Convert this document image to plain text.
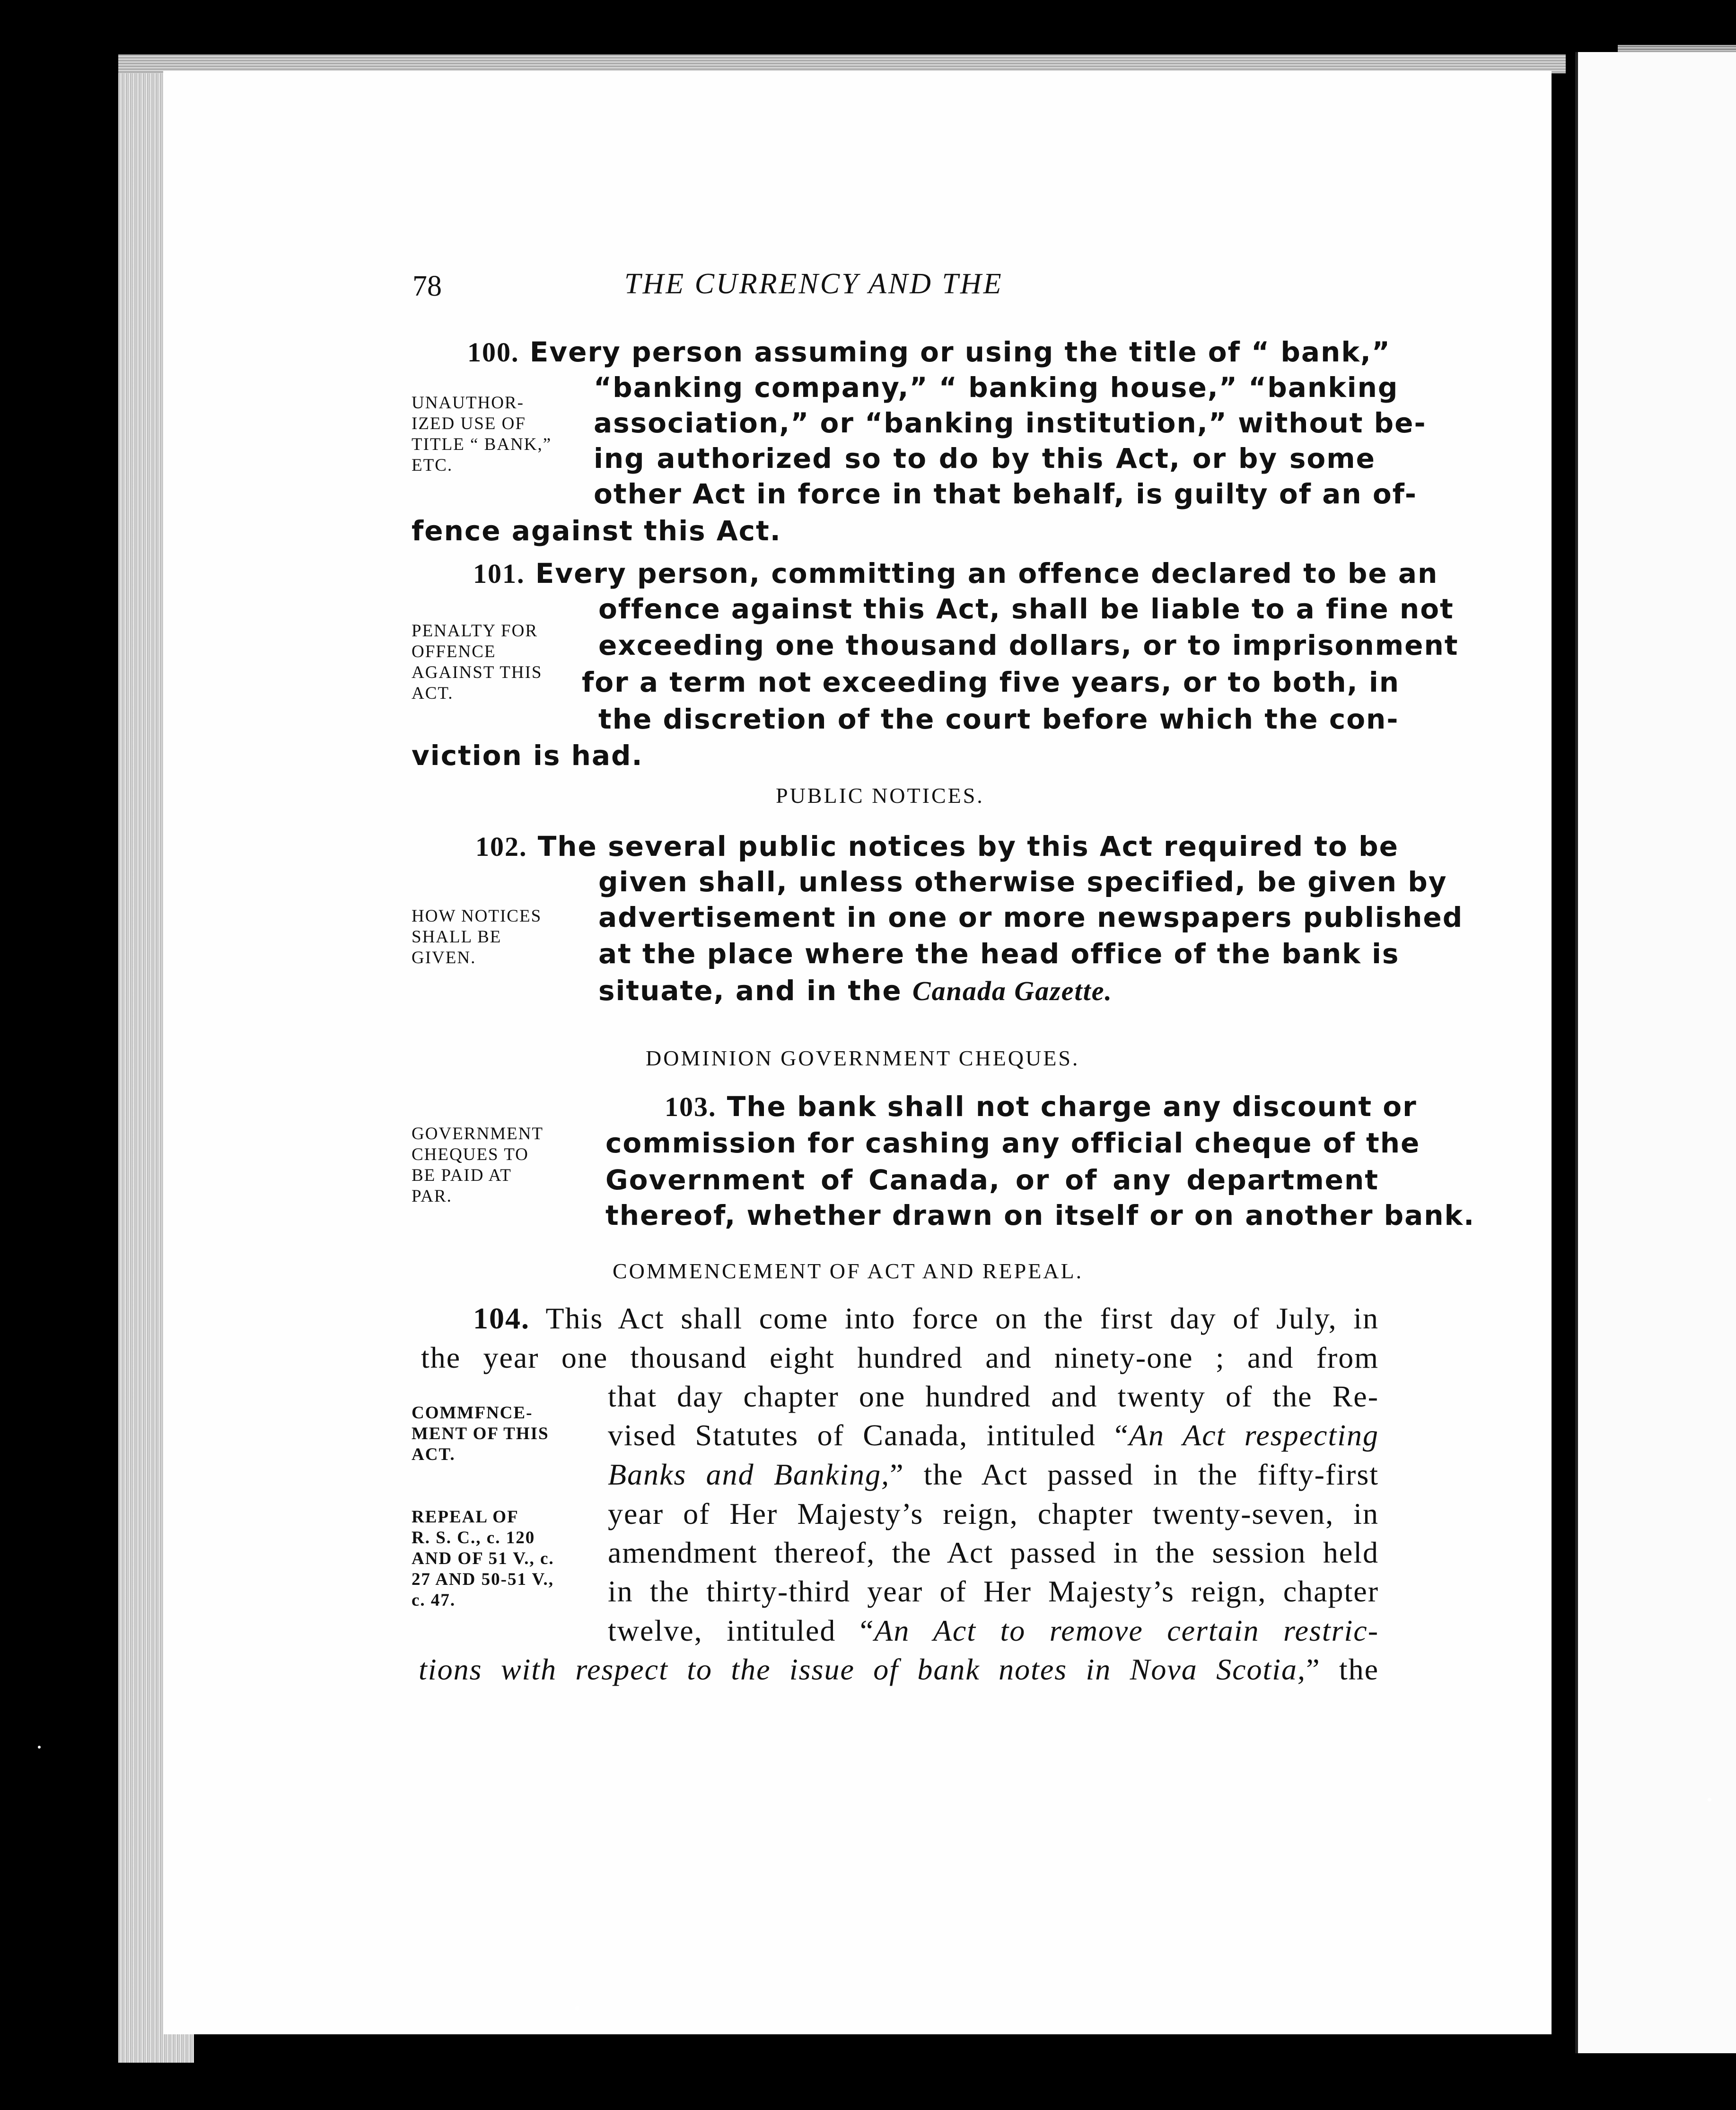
78	THE CURRENCY AND THE
100. Every person assuming or using the title of “ bank,”
“banking company,” “ banking house,” “banking
association,” or “banking institution,” without be-
ing authorized so to do by this Act, or by some
other Act in force in that behalf, is guilty of an of-
fence against this Act.
UNAUTHOR-
IZED USE OF
TITLE “ BANK,”
ETC.
101. Every person, committing an offence declared to be an
offence against this Act, shall be liable to a fine not
exceeding one thousand dollars, or to imprisonment
for a term not exceeding five years, or to both, in
the discretion of the court before which the con-
viction is had.
PENALTY FOR
OFFENCE
AGAINST THIS
ACT.
PUBLIC NOTICES.
102. The several public notices by this Act required to be
given shall, unless otherwise specified, be given by
advertisement in one or more newspapers published
at the place where the head office of the bank is
situate, and in the Canada Gazette.
HOW NOTICES
SHALL BE
GIVEN.
DOMINION GOVERNMENT CHEQUES.
103. The bank shall not charge any discount or
commission for cashing any official cheque of the
Government of Canada, or of any department
thereof, whether drawn on itself or on another bank.
GOVERNMENT
CHEQUES TO
BE PAID AT
PAR.
COMMENCEMENT OF ACT AND REPEAL.
104. This Act shall come into force on the first day of July, in
the year one thousand eight hundred and ninety-one ; and from
that day chapter one hundred and twenty of the Re-
vised Statutes of Canada, intituled “An Act respecting
Banks and Banking,” the Act passed in the fifty-first
year of Her Majesty’s reign, chapter twenty-seven, in
amendment thereof, the Act passed in the session held
in the thirty-third year of Her Majesty’s reign, chapter
twelve, intituled “An Act to remove certain restric-
tions with respect to the issue of bank notes in Nova Scotia,” the
COMMFNCE-
MENT OF THIS
ACT.
REPEAL OF
R. S. C., c. 120
AND OF 51 V., c.
27 AND 50-51 V.,
c. 47.
